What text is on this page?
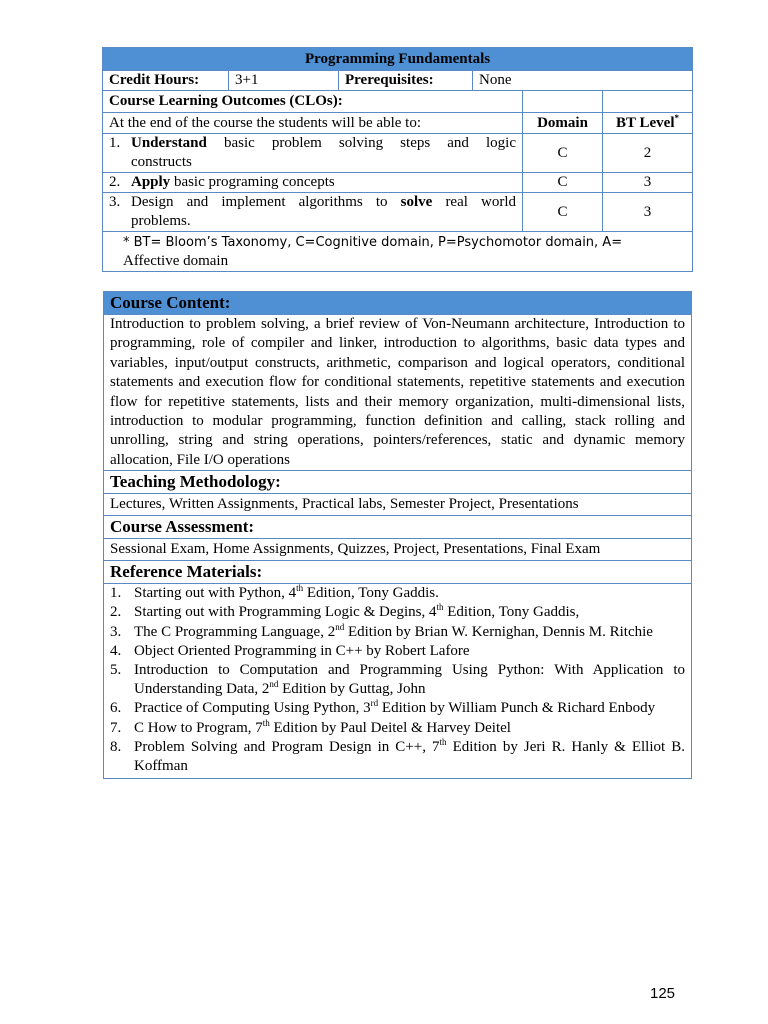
Programming Fundamentals					
Credit Hours:	3+1	Prerequisites:	None		
Course Learning Outcomes (CLOs):					
At the end of the course the students will be able to:				Domain	BT Level*

1. Understand basic problem solving steps and logic
constructs				C	2
2. Apply basic programing concepts				C	3

3. Design and implement algorithms to solve real world
problems.				C	3

* BT= Bloom’s Taxonomy, C=Cognitive domain, P=Psychomotor domain, A=
Affective domain					
Course Content:
Introduction to problem solving, a brief review of Von-Neumann architecture, Introduction to programming, role of compiler and linker, introduction to algorithms, basic data types and variables, input/output constructs, arithmetic, comparison and logical operators, conditional statements and execution flow for conditional statements, repetitive statements and execution flow for repetitive statements, lists and their memory organization, multi-dimensional lists, introduction to modular programming, function definition and calling, stack rolling and unrolling, string and string operations, pointers/references, static and dynamic memory allocation, File I/O operations
Teaching Methodology:
Lectures, Written Assignments, Practical labs, Semester Project, Presentations
Course Assessment:
Sessional Exam, Home Assignments, Quizzes, Project, Presentations, Final Exam
Reference Materials:

1. Starting out with Python, 4th Edition, Tony Gaddis.
2. Starting out with Programming Logic & Degins, 4th Edition, Tony Gaddis,
3. The C Programming Language, 2nd Edition by Brian W. Kernighan, Dennis M. Ritchie
4. Object Oriented Programming in C++ by Robert Lafore
5. Introduction to Computation and Programming Using Python: With Application to Understanding Data, 2nd Edition by Guttag, John
6. Practice of Computing Using Python, 3rd Edition by William Punch & Richard Enbody
7. C How to Program, 7th Edition by Paul Deitel & Harvey Deitel
8. Problem Solving and Program Design in C++, 7th Edition by Jeri R. Hanly & Elliot B. Koffman
125
